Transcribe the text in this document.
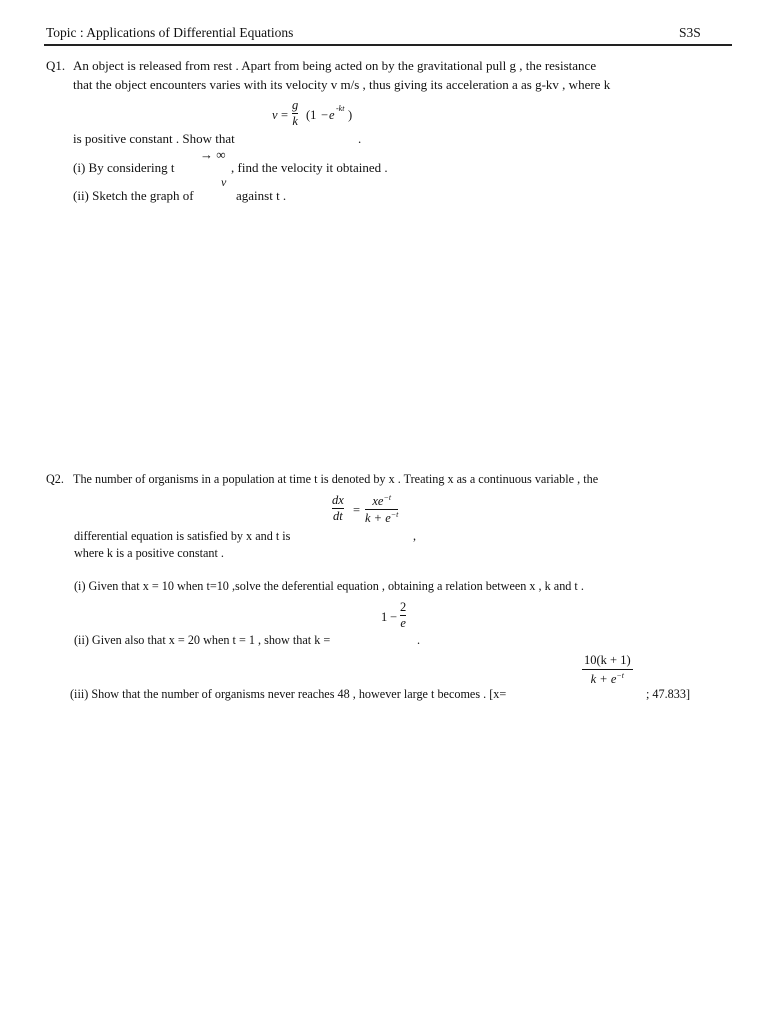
Topic : Applications of Differential Equations	S3S
Q1. An object is released from rest . Apart from being acted on by the gravitational pull g , the resistance
that the object encounters varies with its velocity v m/s , thus giving its acceleration a as g-kv , where k
v =
g
k (1 − e -kt )
is positive constant . Show that	.
→ ∞
(i) By considering t	, find the velocity it obtained .
v
(ii) Sketch the graph of	against t .
Q2. The number of organisms in a population at time t is denoted by x . Treating x as a continuous variable , the
dx
dt =
$xe^{-t}$
$k + e^{-t}$
differential equation is satisfied by x and t is	,
where k is a positive constant .
(i) Given that x = 10 when t=10 ,solve the deferential equation , obtaining a relation between x , k and t .
1 −
2
e
(ii) Given also that x = 20 when t = 1 , show that k =	.
10(k + 1)
$k + e^{-t}$
(iii) Show that the number of organisms never reaches 48 , however large t becomes . [x=	; 47.833]
